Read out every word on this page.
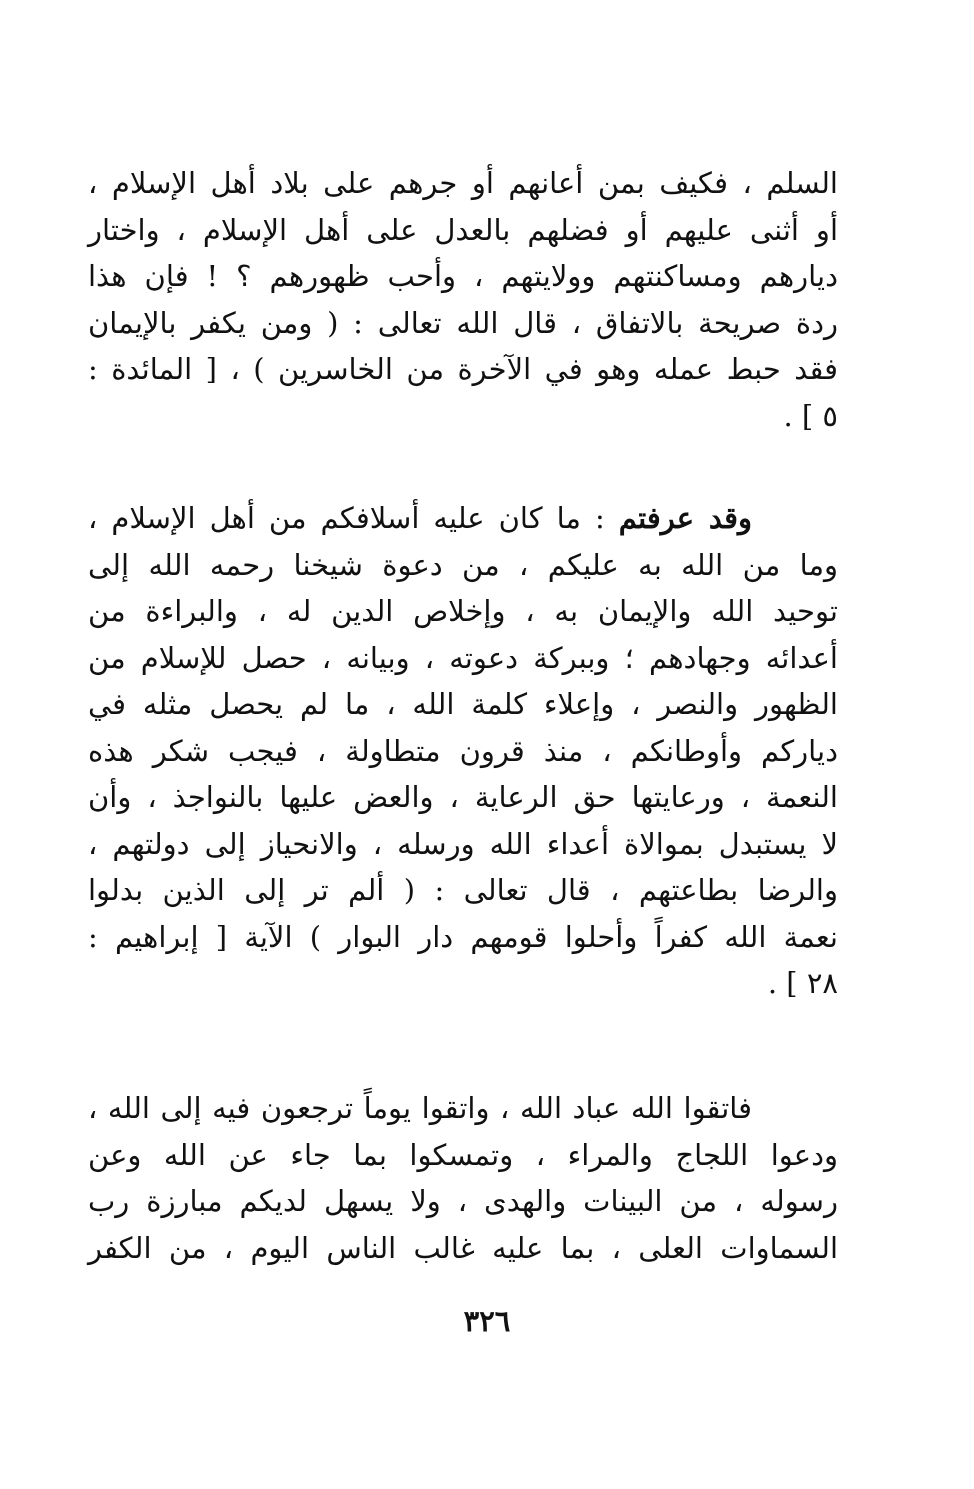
السلم ، فكيف بمن أعانهم أو جرهم على بلاد أهل الإسلام ،
أو أثنى عليهم أو فضلهم بالعدل على أهل الإسلام ، واختار
ديارهم ومساكنتهم وولايتهم ، وأحب ظهورهم ؟ ! فإن هذا
ردة صريحة بالاتفاق ، قال الله تعالى : ( ومن يكفر بالإيمان
فقد حبط عمله وهو في الآخرة من الخاسرين ) ، [ المائدة :
٥ ] .
وقد عرفتم : ما كان عليه أسلافكم من أهل الإسلام ،
وما من الله به عليكم ، من دعوة شيخنا رحمه الله إلى
توحيد الله والإيمان به ، وإخلاص الدين له ، والبراءة من
أعدائه وجهادهم ؛ وببركة دعوته ، وبيانه ، حصل للإسلام من
الظهور والنصر ، وإعلاء كلمة الله ، ما لم يحصل مثله في
دياركم وأوطانكم ، منذ قرون متطاولة ، فيجب شكر هذه
النعمة ، ورعايتها حق الرعاية ، والعض عليها بالنواجذ ، وأن
لا يستبدل بموالاة أعداء الله ورسله ، والانحياز إلى دولتهم ،
والرضا بطاعتهم ، قال تعالى : ( ألم تر إلى الذين بدلوا
نعمة الله كفراً وأحلوا قومهم دار البوار ) الآية [ إبراهيم :
٢٨ ] .
فاتقوا الله عباد الله ، واتقوا يوماً ترجعون فيه إلى الله ،
ودعوا اللجاج والمراء ، وتمسكوا بما جاء عن الله وعن
رسوله ، من البينات والهدى ، ولا يسهل لديكم مبارزة رب
السماوات العلى ، بما عليه غالب الناس اليوم ، من الكفر
٣٢٦
